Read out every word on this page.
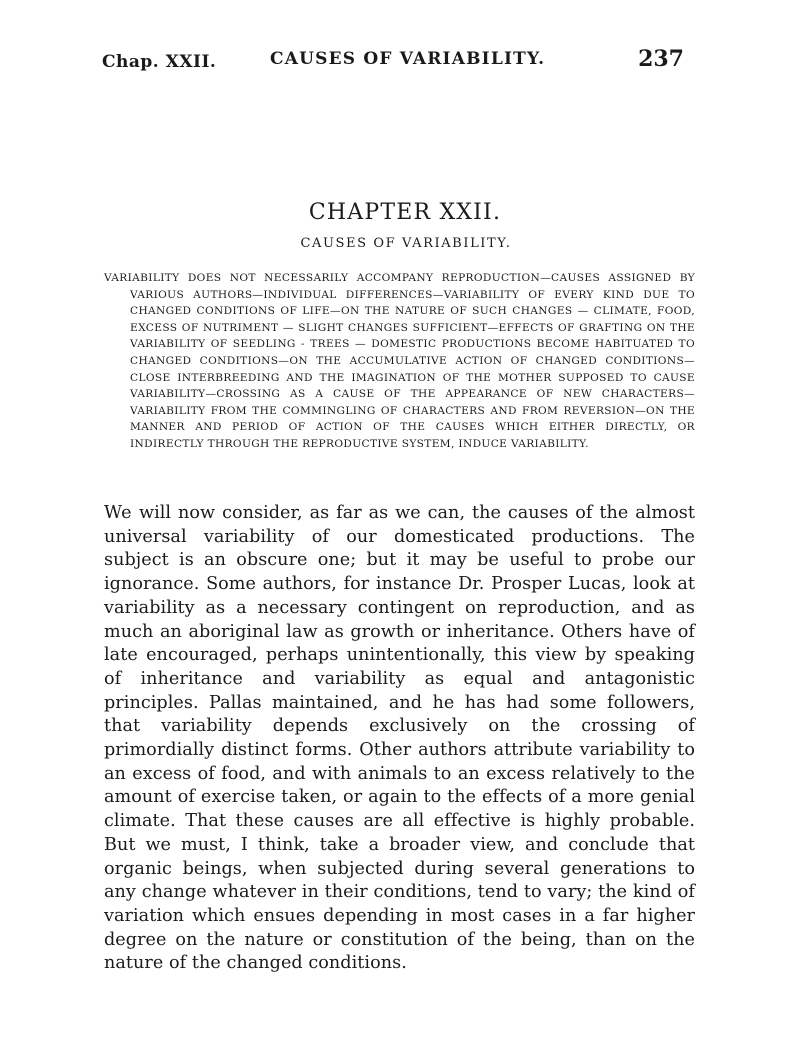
Chap. XXII.	CAUSES OF VARIABILITY.	237
CHAPTER XXII.
CAUSES OF VARIABILITY.

VARIABILITY DOES NOT NECESSARILY ACCOMPANY REPRODUCTION—CAUSES ASSIGNED BY VARIOUS AUTHORS—INDIVIDUAL DIFFERENCES—VARIABILITY OF EVERY KIND DUE TO CHANGED CONDITIONS OF LIFE—ON THE NATURE OF SUCH CHANGES — CLIMATE, FOOD, EXCESS OF NUTRIMENT — SLIGHT CHANGES SUFFICIENT—EFFECTS OF GRAFTING ON THE VARIABILITY OF SEEDLING - TREES — DOMESTIC PRODUCTIONS BECOME HABITUATED TO CHANGED CONDITIONS—ON THE ACCUMULATIVE ACTION OF CHANGED CONDITIONS—CLOSE INTERBREEDING AND THE IMAGINATION OF THE MOTHER SUPPOSED TO CAUSE VARIABILITY—CROSSING AS A CAUSE OF THE APPEARANCE OF NEW CHARACTERS—VARIABILITY FROM THE COMMINGLING OF CHARACTERS AND FROM REVERSION—ON THE MANNER AND PERIOD OF ACTION OF THE CAUSES WHICH EITHER DIRECTLY, OR INDIRECTLY THROUGH THE REPRODUCTIVE SYSTEM, INDUCE VARIABILITY.

We will now consider, as far as we can, the causes of the almost universal variability of our domesticated productions. The subject is an obscure one; but it may be useful to probe our ignorance. Some authors, for instance Dr. Prosper Lucas, look at variability as a necessary contingent on reproduction, and as much an aboriginal law as growth or inheritance. Others have of late encouraged, perhaps unintentionally, this view by speaking of inheritance and variability as equal and antagonistic principles. Pallas maintained, and he has had some followers, that variability depends exclusively on the crossing of primordially distinct forms. Other authors attribute variability to an excess of food, and with animals to an excess relatively to the amount of exercise taken, or again to the effects of a more genial climate. That these causes are all effective is highly probable. But we must, I think, take a broader view, and conclude that organic beings, when subjected during several generations to any change whatever in their conditions, tend to vary; the kind of variation which ensues depending in most cases in a far higher degree on the nature or constitution of the being, than on the nature of the changed conditions.
